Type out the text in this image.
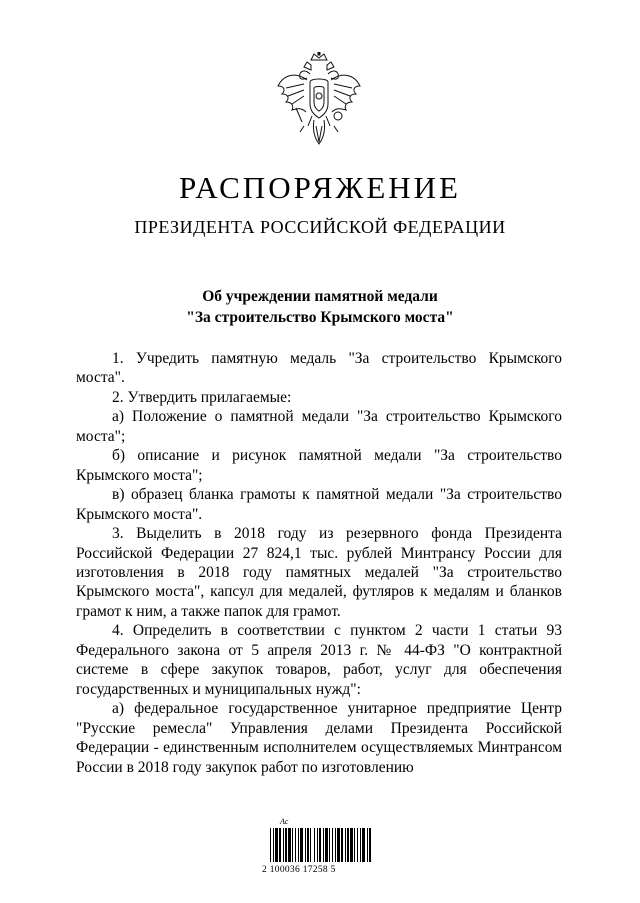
РАСПОРЯЖЕНИЕ
ПРЕЗИДЕНТА РОССИЙСКОЙ ФЕДЕРАЦИИ
Об учреждении памятной медали
"За строительство Крымского моста"

1. Учредить памятную медаль "За строительство Крымского моста".

2. Утвердить прилагаемые:

а) Положение о памятной медали "За строительство Крымского моста";

б) описание и рисунок памятной медали "За строительство Крымского моста";

в) образец бланка грамоты к памятной медали "За строительство Крымского моста".

3. Выделить в 2018 году из резервного фонда Президента Российской Федерации 27 824,1 тыс. рублей Минтрансу России для изготовления в 2018 году памятных медалей "За строительство Крымского моста", капсул для медалей, футляров к медалям и бланков грамот к ним, а также папок для грамот.

4. Определить в соответствии с пунктом 2 части 1 статьи 93 Федерального закона от 5 апреля 2013 г. № 44-ФЗ "О контрактной системе в сфере закупок товаров, работ, услуг для обеспечения государственных и муниципальных нужд":

а) федеральное государственное унитарное предприятие Центр "Русские ремесла" Управления делами Президента Российской Федерации - единственным исполнителем осуществляемых Минтрансом России в 2018 году закупок работ по изготовлению

Ас
2 100036 17258 5
